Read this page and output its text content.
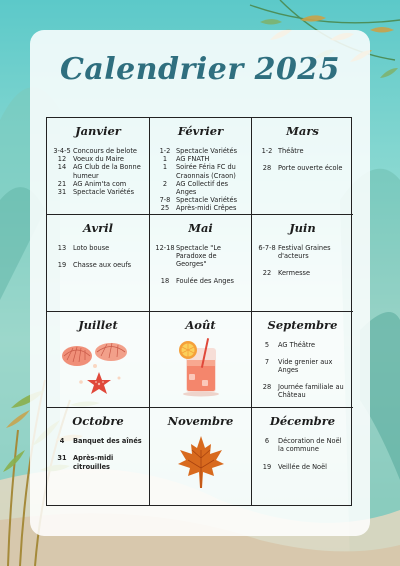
Calendrier 2025
Janvier
3-4-5 Concours de belote
12	Voeux du Maire
14	AG Club de la Bonne humeur
21	AG Anim'ta com
31	Spectacle Variétés
Février
1-2 Spectacle Variétés
1	AG FNATH
1	Soirée Féria FC du Craonnais (Craon)
2	AG Collectif des Anges
7-8 Spectacle Variétés
25	Après-midi Crêpes
Mars
1-2 Théâtre
28	Porte ouverte école
Avril
13	Loto bouse
19	Chasse aux oeufs
Mai
12-18 Spectacle "Le Paradoxe de Georges"
18	Foulée des Anges
Juin
6-7-8 Festival Graines d'acteurs
22	Kermesse
Juillet	Août	Septembre
5	AG Théâtre
7	Vide grenier aux Anges
28	Journée familiale au Château
Octobre
4	Banquet des aînés
31 Après-midi citrouilles
Novembre	Décembre
6	Décoration de Noël la commune
19	Veillée de Noël
